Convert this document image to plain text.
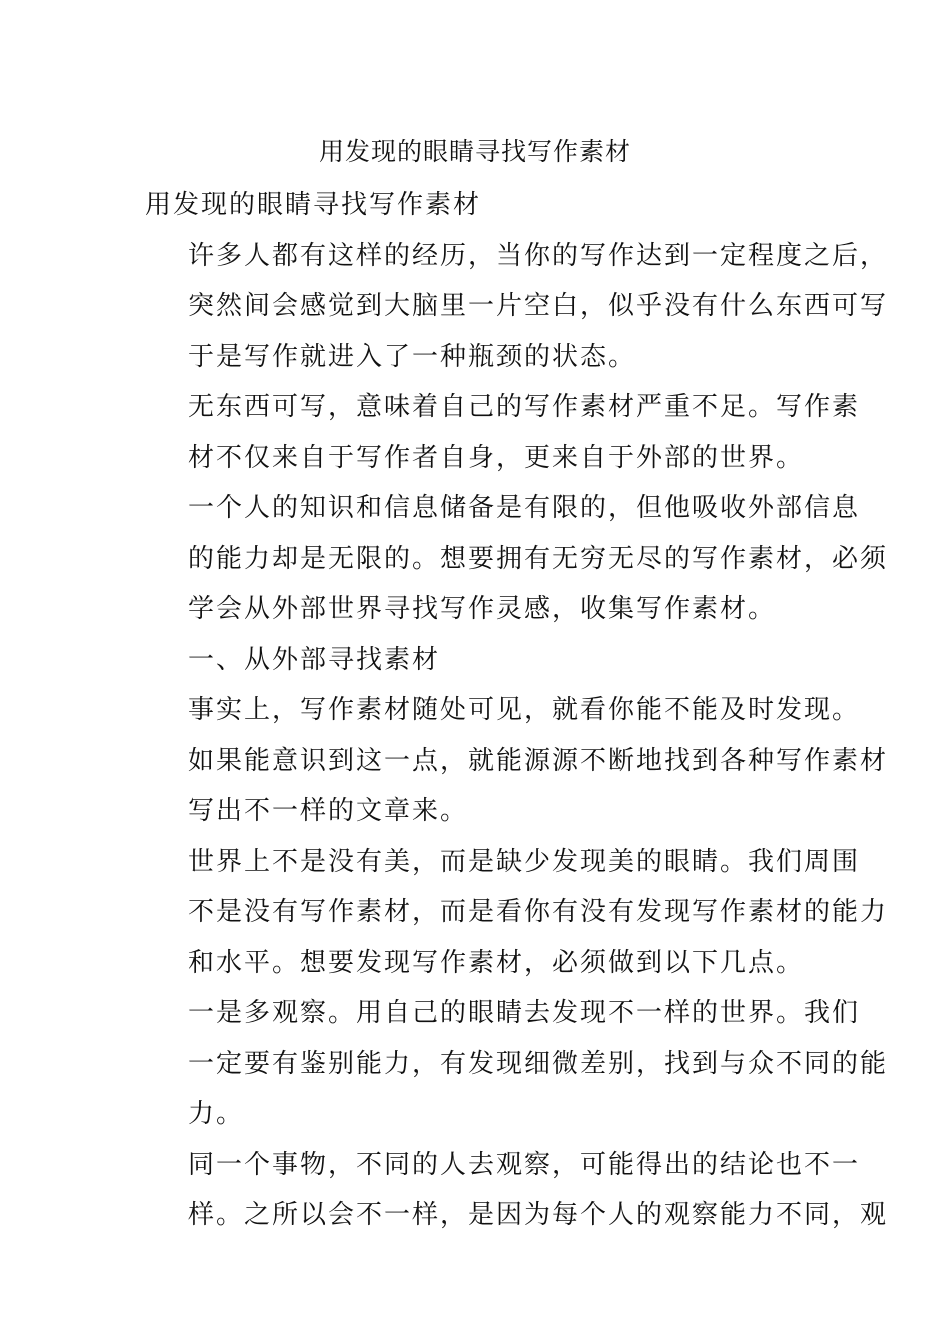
用发现的眼睛寻找写作素材

用发现的眼睛寻找写作素材

许多人都有这样的经历，当你的写作达到一定程度之后，
突然间会感觉到大脑里一片空白，似乎没有什么东西可写
于是写作就进入了一种瓶颈的状态。

无东西可写，意味着自己的写作素材严重不足。写作素
材不仅来自于写作者自身，更来自于外部的世界。

一个人的知识和信息储备是有限的，但他吸收外部信息
的能力却是无限的。想要拥有无穷无尽的写作素材，必须
学会从外部世界寻找写作灵感，收集写作素材。

一、从外部寻找素材

事实上，写作素材随处可见，就看你能不能及时发现。
如果能意识到这一点，就能源源不断地找到各种写作素材
写出不一样的文章来。

世界上不是没有美，而是缺少发现美的眼睛。我们周围
不是没有写作素材，而是看你有没有发现写作素材的能力
和水平。想要发现写作素材，必须做到以下几点。

一是多观察。用自己的眼睛去发现不一样的世界。我们
一定要有鉴别能力，有发现细微差别，找到与众不同的能
力。

同一个事物，不同的人去观察，可能得出的结论也不一
样。之所以会不一样，是因为每个人的观察能力不同，观
